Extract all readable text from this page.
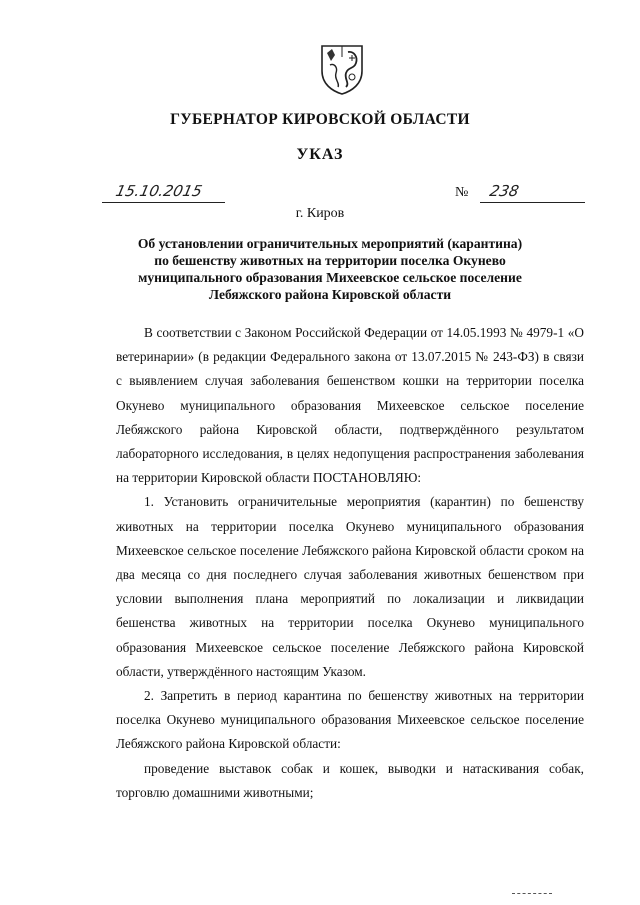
ГУБЕРНАТОР КИРОВСКОЙ ОБЛАСТИ
УКАЗ
15.10.2015	№ 238
г. Киров
Об установлении ограничительных мероприятий (карантина)
по бешенству животных на территории поселка Окунево
муниципального образования Михеевское сельское поселение
Лебяжского района Кировской области

В соответствии с Законом Российской Федерации от 14.05.1993 № 4979-1 «О ветеринарии» (в редакции Федерального закона от 13.07.2015 № 243-ФЗ) в связи с выявлением случая заболевания бешенством кошки на территории поселка Окунево муниципального образования Михеевское сельское поселение Лебяжского района Кировской области, подтверждённого результатом лабораторного исследования, в целях недопущения распространения заболевания на территории Кировской области ПОСТАНОВЛЯЮ:

1. Установить ограничительные мероприятия (карантин) по бешенству животных на территории поселка Окунево муниципального образования Михеевское сельское поселение Лебяжского района Кировской области сроком на два месяца со дня последнего случая заболевания животных бешенством при условии выполнения плана мероприятий по локализации и ликвидации бешенства животных на территории поселка Окунево муниципального образования Михеевское сельское поселение Лебяжского района Кировской области, утверждённого настоящим Указом.

2. Запретить в период карантина по бешенству животных на территории поселка Окунево муниципального образования Михеевское сельское поселение Лебяжского района Кировской области:

проведение выставок собак и кошек, выводки и натаскивания собак, торговлю домашними животными;
